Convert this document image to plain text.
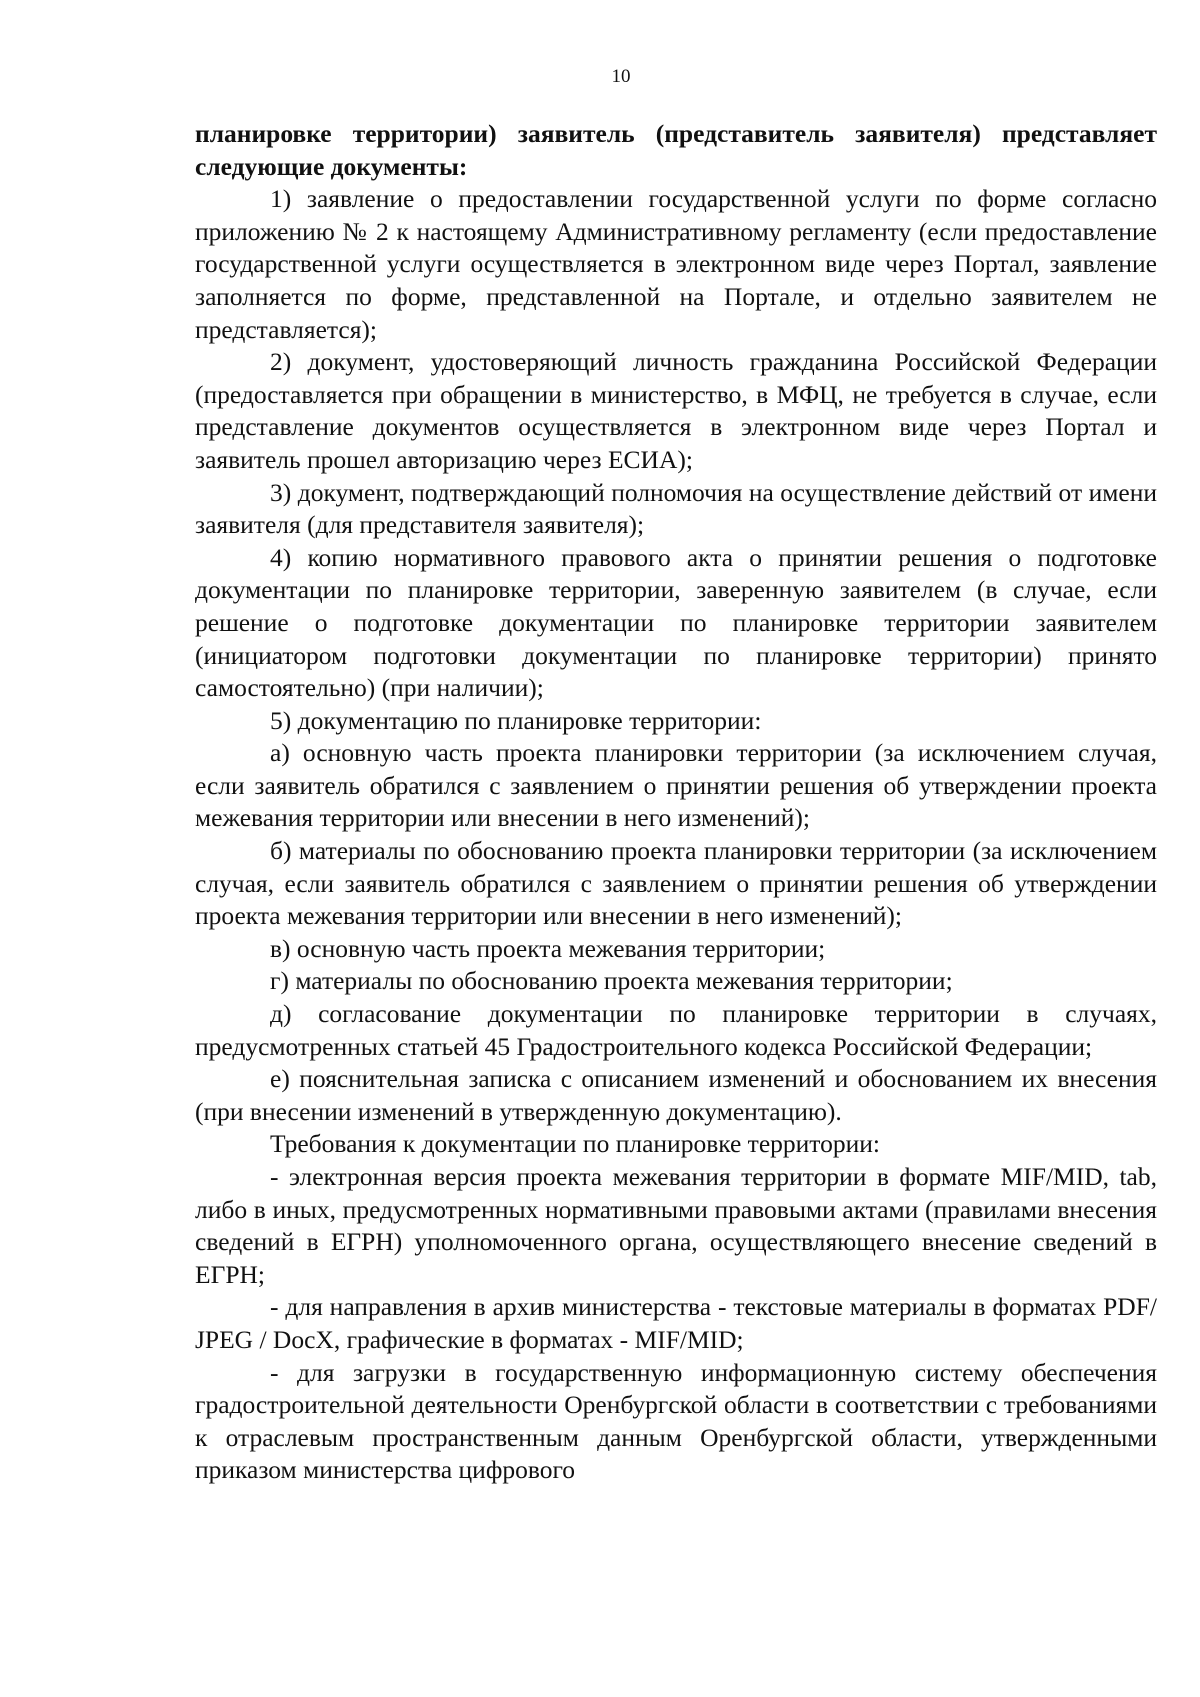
10

планировке территории) заявитель (представитель заявителя) представляет следующие документы:

1) заявление о предоставлении государственной услуги по форме согласно приложению № 2 к настоящему Административному регламенту (если предоставление государственной услуги осуществляется в электронном виде через Портал, заявление заполняется по форме, представленной на Портале, и отдельно заявителем не представляется);

2) документ, удостоверяющий личность гражданина Российской Федерации (предоставляется при обращении в министерство, в МФЦ, не требуется в случае, если представление документов осуществляется в электронном виде через Портал и заявитель прошел авторизацию через ЕСИА);

3) документ, подтверждающий полномочия на осуществление действий от имени заявителя (для представителя заявителя);

4) копию нормативного правового акта о принятии решения о подготовке документации по планировке территории, заверенную заявителем (в случае, если решение о подготовке документации по планировке территории заявителем (инициатором подготовки документации по планировке территории) принято самостоятельно) (при наличии);

5) документацию по планировке территории:

а) основную часть проекта планировки территории (за исключением случая, если заявитель обратился с заявлением о принятии решения об утверждении проекта межевания территории или внесении в него изменений);

б) материалы по обоснованию проекта планировки территории (за исключением случая, если заявитель обратился с заявлением о принятии решения об утверждении проекта межевания территории или внесении в него изменений);

в) основную часть проекта межевания территории;

г) материалы по обоснованию проекта межевания территории;

д) согласование документации по планировке территории в случаях, предусмотренных статьей 45 Градостроительного кодекса Российской Федерации;

е) пояснительная записка с описанием изменений и обоснованием их внесения (при внесении изменений в утвержденную документацию).

Требования к документации по планировке территории:

- электронная версия проекта межевания территории в формате MIF/MID, tab, либо в иных, предусмотренных нормативными правовыми актами (правилами внесения сведений в ЕГРН) уполномоченного органа, осуществляющего внесение сведений в ЕГРН;

- для направления в архив министерства - текстовые материалы в форматах PDF/ JPEG / DocX, графические в форматах - MIF/MID;

- для загрузки в государственную информационную систему обеспечения градостроительной деятельности Оренбургской области в соответствии с требованиями к отраслевым пространственным данным Оренбургской области, утвержденными приказом министерства цифрового
